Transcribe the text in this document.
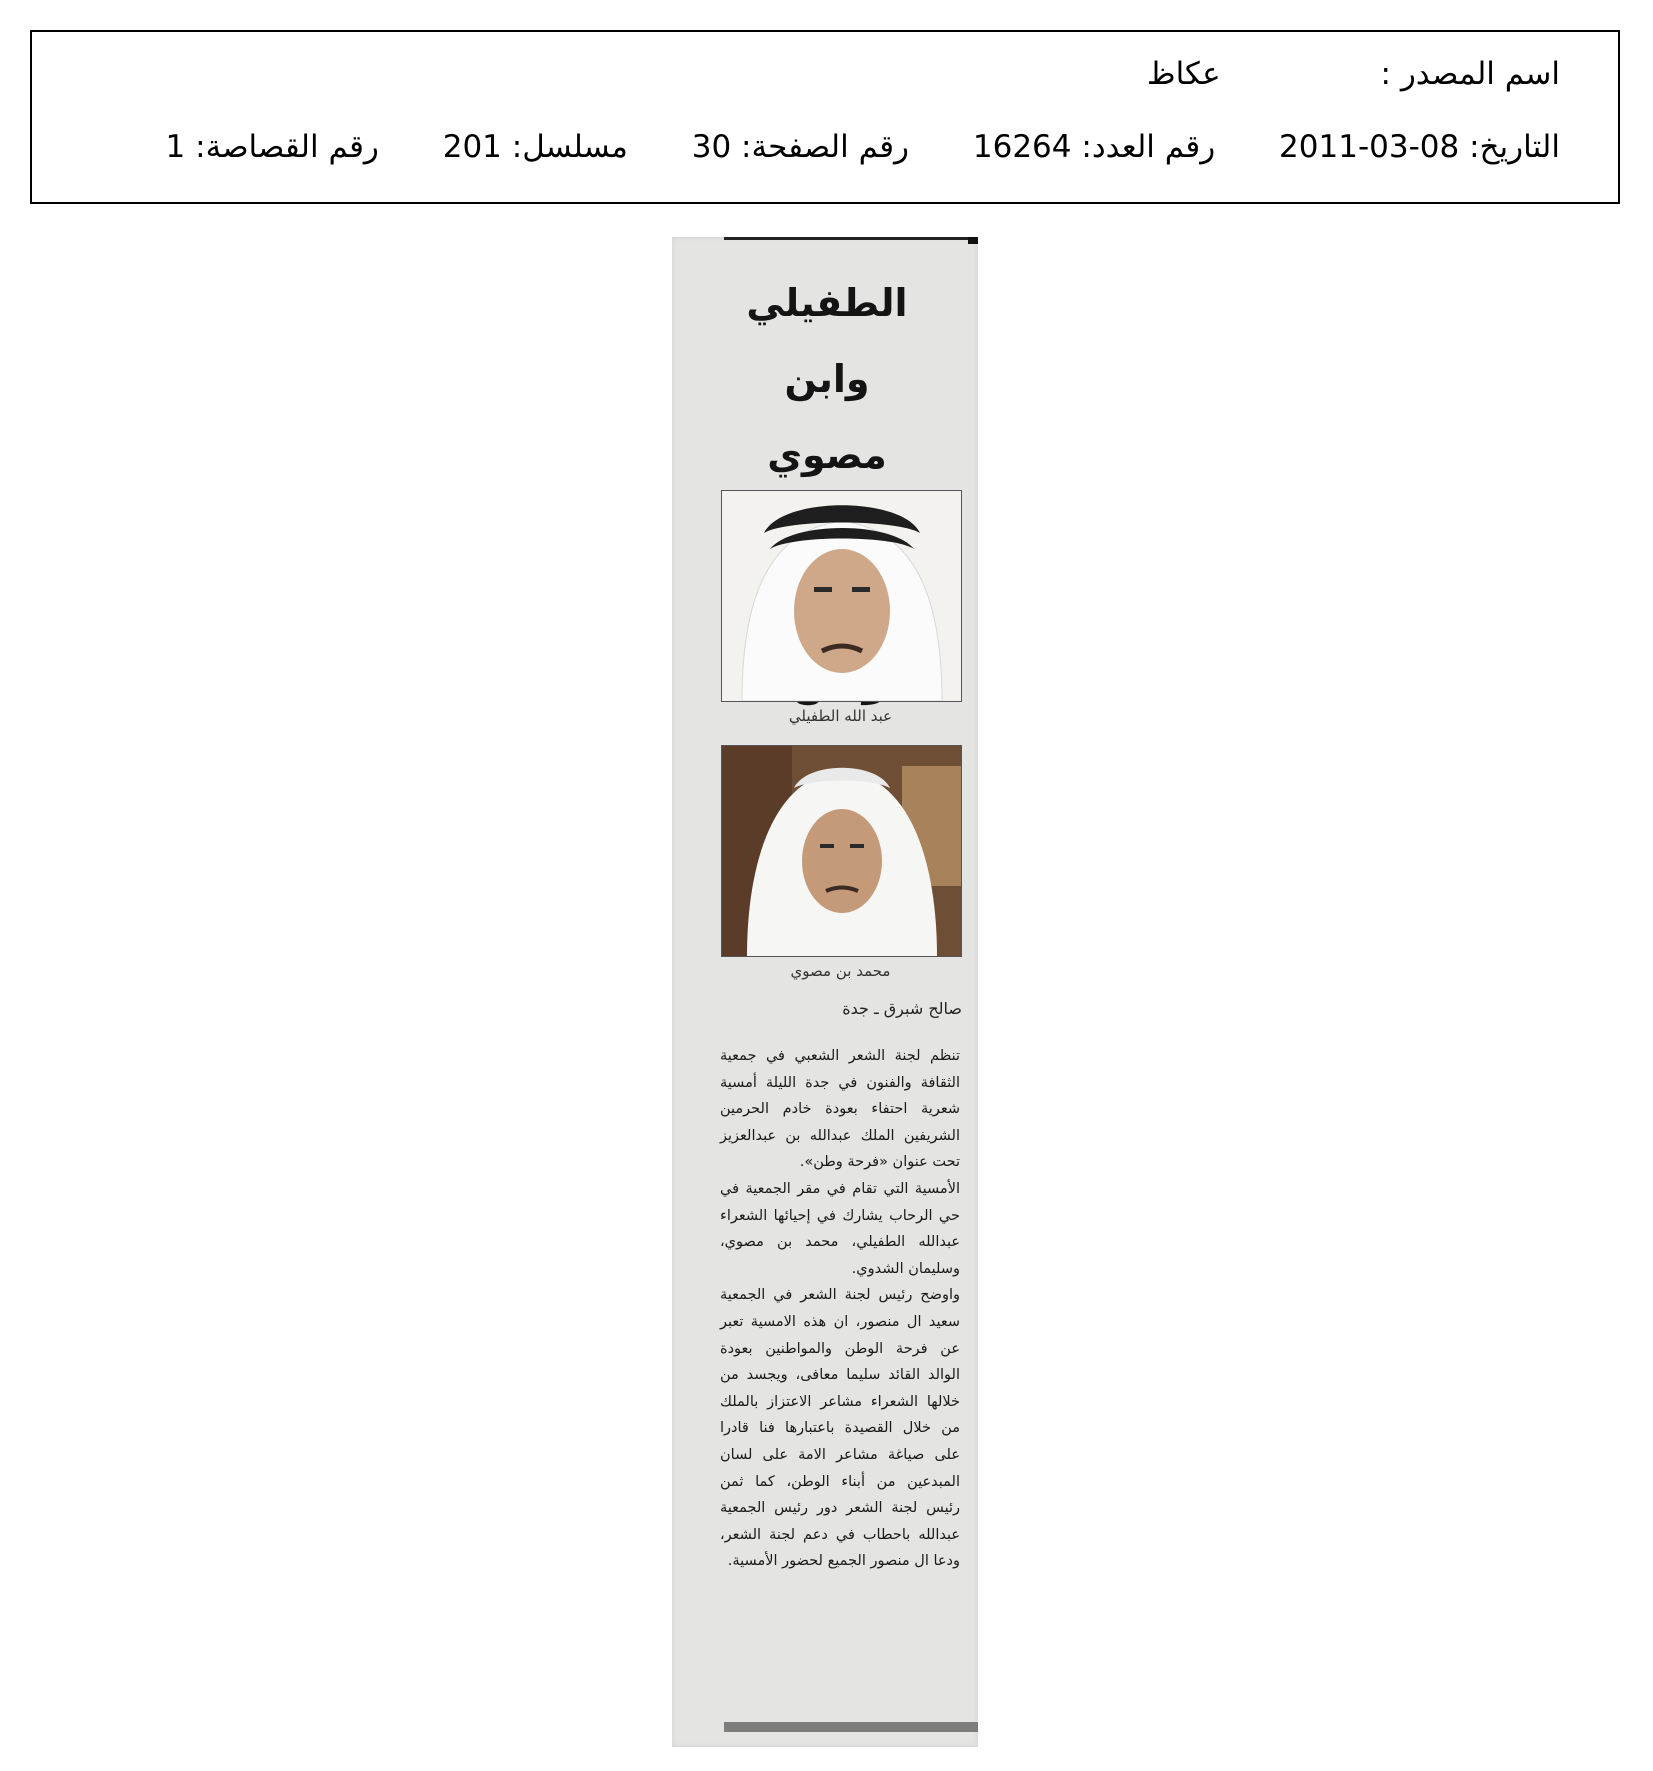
اسم المصدر : عكاظ
التاريخ: 2011-03-08 رقم العدد: 16264 رقم الصفحة: 30 مسلسل: 201 رقم القصاصة: 1
الطفيلي وابن
مصوي
عبد الله الطفيلي
محمد بن مصوي
صالح شبرق ـ جدة

تنظم لجنة الشعر الشعبي في جمعية الثقافة والفنون في جدة الليلة أمسية شعرية احتفاء بعودة خادم الحرمين الشريفين الملك عبدالله بن عبدالعزيز تحت عنوان «فرحة وطن».

الأمسية التي تقام في مقر الجمعية في حي الرحاب يشارك في إحيائها الشعراء عبدالله الطفيلي، محمد بن مصوي، وسليمان الشدوي.

واوضح رئيس لجنة الشعر في الجمعية سعيد ال منصور، ان هذه الامسية تعبر عن فرحة الوطن والمواطنين بعودة الوالد القائد سليما معافى، ويجسد من خلالها الشعراء مشاعر الاعتزاز بالملك من خلال القصيدة باعتبارها فنا قادرا على صياغة مشاعر الامة على لسان المبدعين من أبناء الوطن، كما ثمن رئيس لجنة الشعر دور رئيس الجمعية عبدالله باحطاب في دعم لجنة الشعر، ودعا ال منصور الجميع لحضور الأمسية.
